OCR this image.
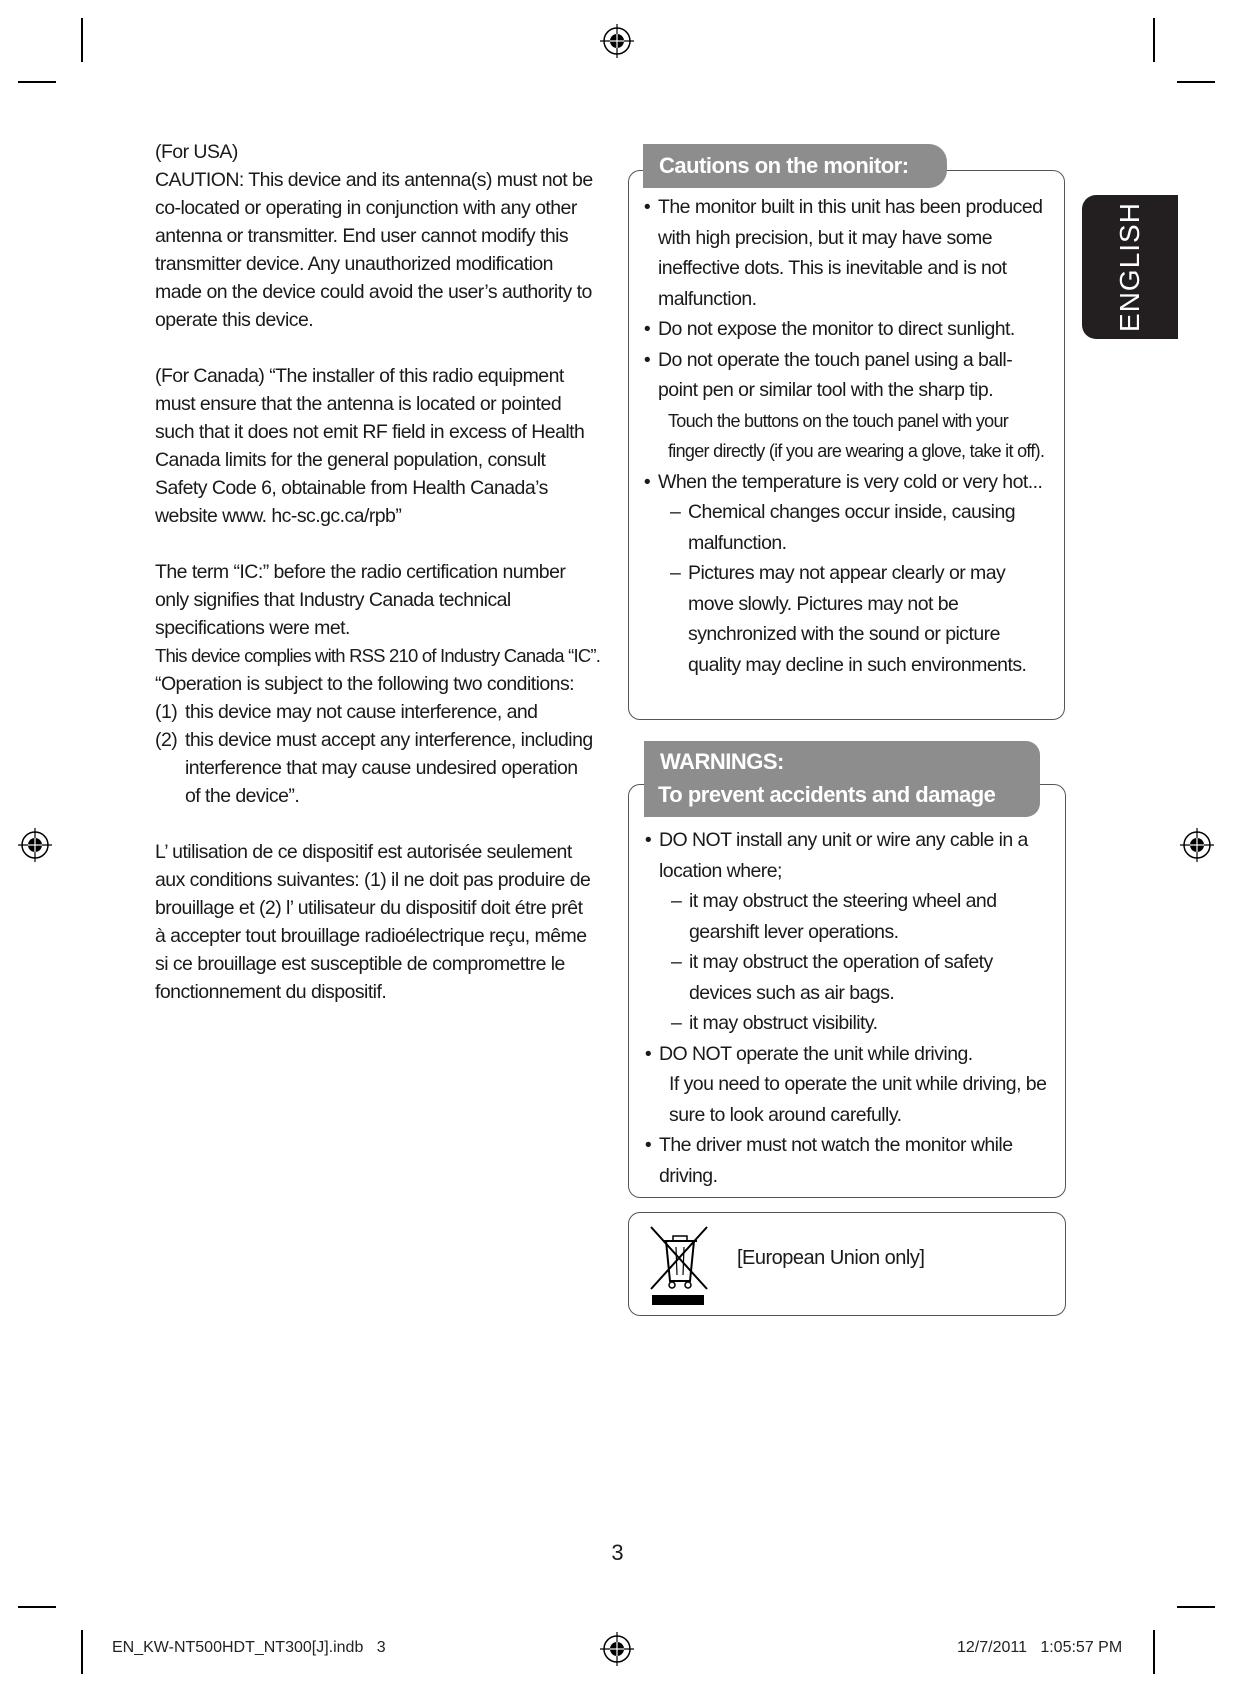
(For USA)

CAUTION: This device and its antenna(s) must not be co-located or operating in conjunction with any other antenna or transmitter. End user cannot modify this transmitter device. Any unauthorized modification made on the device could avoid the user’s authority to operate this device.

(For Canada) “The installer of this radio equipment must ensure that the antenna is located or pointed such that it does not emit RF field in excess of Health Canada limits for the general population, consult Safety Code 6, obtainable from Health Canada’s website www. hc-sc.gc.ca/rpb”

The term “IC:” before the radio certification number only signifies that Industry Canada technical specifications were met.

This device complies with RSS 210 of Industry Canada “IC”.

“Operation is subject to the following two conditions:

(1) this device may not cause interference, and
(2) this device must accept any interference, including interference that may cause undesired operation of the device”.

L’ utilisation de ce dispositif est autorisée seulement aux conditions suivantes: (1) il ne doit pas produire de brouillage et (2) l’ utilisateur du dispositif doit étre prêt à accepter tout brouillage radioélectrique reçu, même si ce brouillage est susceptible de compromettre le fonctionnement du dispositif.

Cautions on the monitor:
• The monitor built in this unit has been produced with high precision, but it may have some ineffective dots. This is inevitable and is not malfunction.
• Do not expose the monitor to direct sunlight.
• Do not operate the touch panel using a ball-point pen or similar tool with the sharp tip.
Touch the buttons on the touch panel with your finger directly (if you are wearing a glove, take it off).
• When the temperature is very cold or very hot...
– Chemical changes occur inside, causing malfunction.
– Pictures may not appear clearly or may move slowly. Pictures may not be synchronized with the sound or picture quality may decline in such environments.
WARNINGS:
To prevent accidents and damage
• DO NOT install any unit or wire any cable in a location where;
– it may obstruct the steering wheel and gearshift lever operations.
– it may obstruct the operation of safety devices such as air bags.
– it may obstruct visibility.
• DO NOT operate the unit while driving.
If you need to operate the unit while driving, be sure to look around carefully.
• The driver must not watch the monitor while driving.
[European Union only]
ENGLISH
3
EN_KW-NT500HDT_NT300[J].indb   3	12/7/2011   1:05:57 PM
